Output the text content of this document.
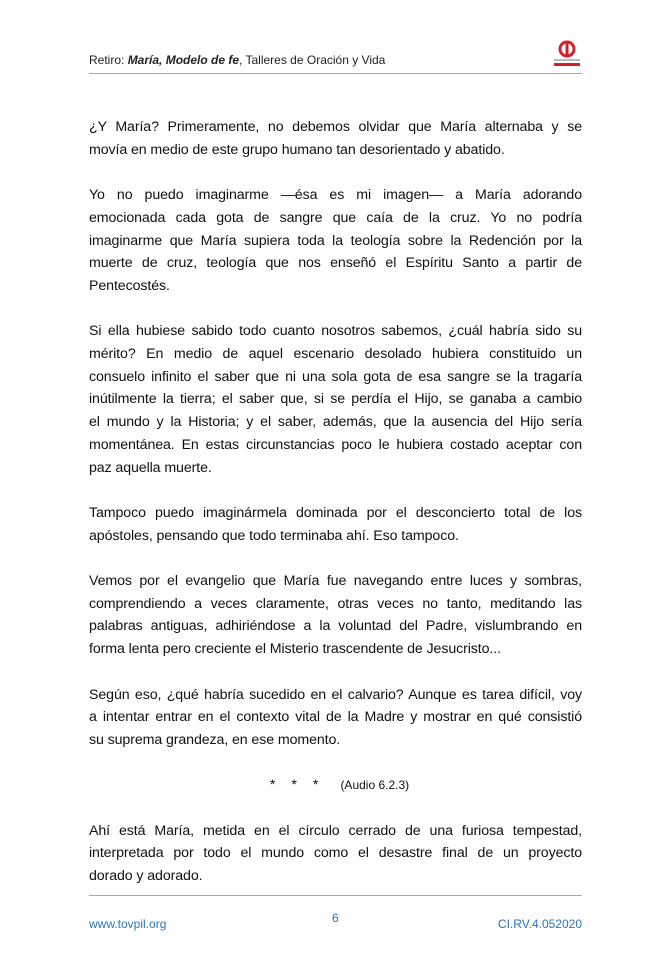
Retiro: María, Modelo de fe, Talleres de Oración y Vida

¿Y María? Primeramente, no debemos olvidar que María alternaba y se
movía en medio de este grupo humano tan desorientado y abatido.

Yo no puedo imaginarme —ésa es mi imagen— a María adorando
emocionada cada gota de sangre que caía de la cruz. Yo no podría
imaginarme que María supiera toda la teología sobre la Redención por la
muerte de cruz, teología que nos enseñó el Espíritu Santo a partir de
Pentecostés.

Si ella hubiese sabido todo cuanto nosotros sabemos, ¿cuál habría sido su
mérito? En medio de aquel escenario desolado hubiera constituido un
consuelo infinito el saber que ni una sola gota de esa sangre se la tragaría
inútilmente la tierra; el saber que, si se perdía el Hijo, se ganaba a cambio
el mundo y la Historia; y el saber, además, que la ausencia del Hijo sería
momentánea. En estas circunstancias poco le hubiera costado aceptar con
paz aquella muerte.

Tampoco puedo imaginármela dominada por el desconcierto total de los
apóstoles, pensando que todo terminaba ahí. Eso tampoco.

Vemos por el evangelio que María fue navegando entre luces y sombras,
comprendiendo a veces claramente, otras veces no tanto, meditando las
palabras antiguas, adhiriéndose a la voluntad del Padre, vislumbrando en
forma lenta pero creciente el Misterio trascendente de Jesucristo...

Según eso, ¿qué habría sucedido en el calvario? Aunque es tarea difícil, voy
a intentar entrar en el contexto vital de la Madre y mostrar en qué consistió
su suprema grandeza, en ese momento.

* * * (Audio 6.2.3)

Ahí está María, metida en el círculo cerrado de una furiosa tempestad,
interpretada por todo el mundo como el desastre final de un proyecto
dorado y adorado.

www.tovpil.org	6	CI.RV.4.052020
